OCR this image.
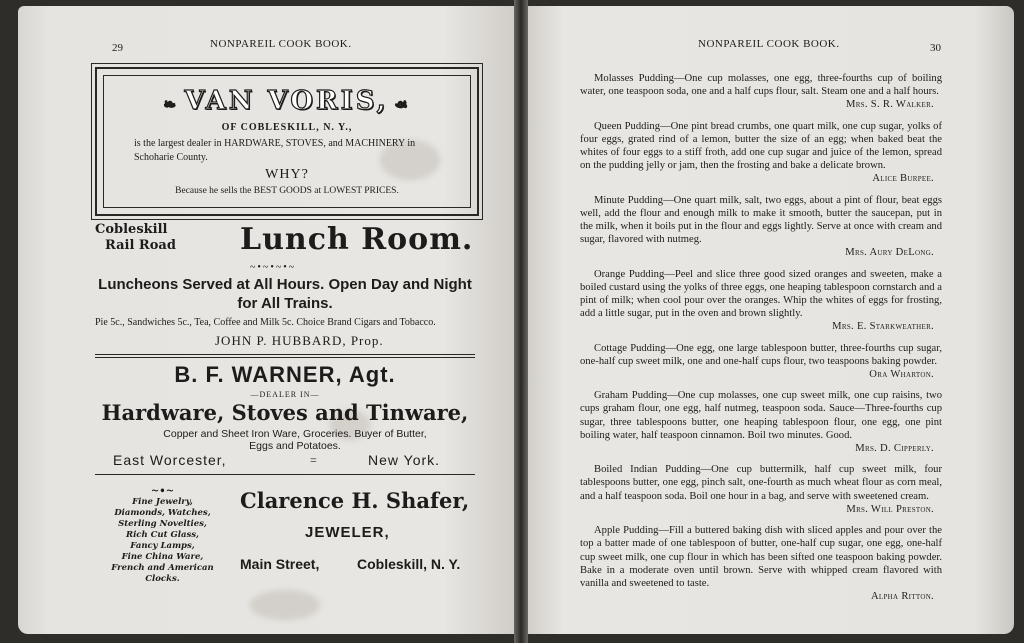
29	NONPAREIL COOK BOOK.
❧ VAN VORIS, ☙
OF COBLESKILL, N. Y.,
is the largest dealer in HARDWARE, STOVES, and MACHINERY in Schoharie County.
WHY?
Because he sells the BEST GOODS at LOWEST PRICES.
Cobleskill
Rail Road Lunch Room.
~•~•~•~
Luncheons Served at All Hours. Open Day and Night for All Trains.
Pie 5c., Sandwiches 5c., Tea, Coffee and Milk 5c. Choice Brand Cigars and Tobacco.
JOHN P. HUBBARD, Prop.
B. F. WARNER, Agt.
—DEALER IN—
Hardware, Stoves and Tinware,
Copper and Sheet Iron Ware, Groceries. Buyer of Butter, Eggs and Potatoes.
East Worcester,	=	New York.
~•~
Fine Jewelry,
Diamonds, Watches,
Sterling Novelties,
Rich Cut Glass,
Fancy Lamps,
Fine China Ware,
French and American Clocks.
Clarence H. Shafer,
JEWELER,
Main Street,	Cobleskill, N. Y.
NONPAREIL COOK BOOK.	30

Molasses Pudding—One cup molasses, one egg, three-fourths cup of boiling water, one teaspoon soda, one and a half cups flour, salt. Steam one and a half hours.

Mrs. S. R. Walker.

Queen Pudding—One pint bread crumbs, one quart milk, one cup sugar, yolks of four eggs, grated rind of a lemon, butter the size of an egg; when baked beat the whites of four eggs to a stiff froth, add one cup sugar and juice of the lemon, spread on the pudding jelly or jam, then the frosting and bake a delicate brown.

Alice Burpee.

Minute Pudding—One quart milk, salt, two eggs, about a pint of flour, beat eggs well, add the flour and enough milk to make it smooth, butter the saucepan, put in the milk, when it boils put in the flour and eggs lightly. Serve at once with cream and sugar, flavored with nutmeg.

Mrs. Aury DeLong.

Orange Pudding—Peel and slice three good sized oranges and sweeten, make a boiled custard using the yolks of three eggs, one heaping tablespoon cornstarch and a pint of milk; when cool pour over the oranges. Whip the whites of eggs for frosting, add a little sugar, put in the oven and brown slightly.

Mrs. E. Starkweather.

Cottage Pudding—One egg, one large tablespoon butter, three-fourths cup sugar, one-half cup sweet milk, one and one-half cups flour, two teaspoons baking powder.

Ora Wharton.

Graham Pudding—One cup molasses, one cup sweet milk, one cup raisins, two cups graham flour, one egg, half nutmeg, teaspoon soda. Sauce—Three-fourths cup sugar, three tablespoons butter, one heaping tablespoon flour, one egg, one pint boiling water, half teaspoon cinnamon. Boil two minutes. Good.

Mrs. D. Cipperly.

Boiled Indian Pudding—One cup buttermilk, half cup sweet milk, four tablespoons butter, one egg, pinch salt, one-fourth as much wheat flour as corn meal, and a half teaspoon soda. Boil one hour in a bag, and serve with sweetened cream.

Mrs. Will Preston.

Apple Pudding—Fill a buttered baking dish with sliced apples and pour over the top a batter made of one tablespoon of butter, one-half cup sugar, one egg, one-half cup sweet milk, one cup flour in which has been sifted one teaspoon baking powder. Bake in a moderate oven until brown. Serve with whipped cream flavored with vanilla and sweetened to taste.

Alpha Ritton.
